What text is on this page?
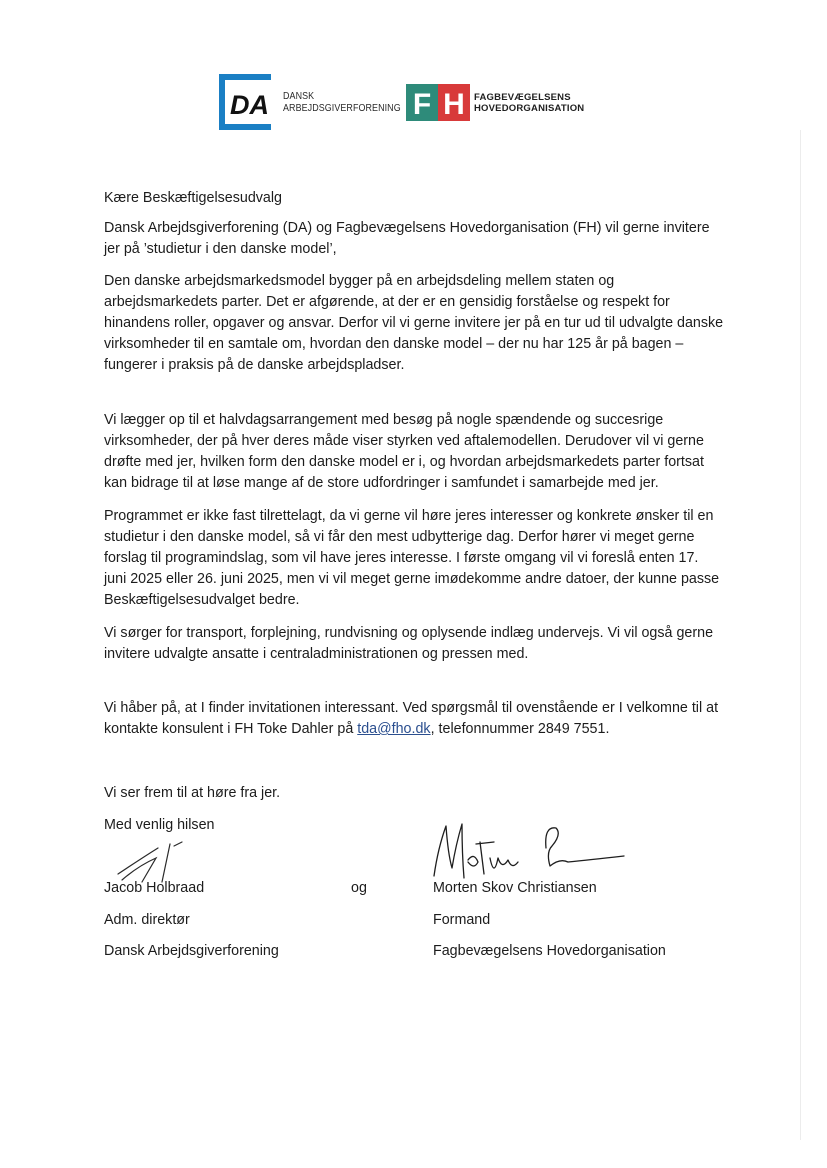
DA DANSK
ARBEJDSGIVERFORENING F H FAGBEVÆGELSENS
HOVEDORGANISATION
Kære Beskæftigelsesudvalg
Dansk Arbejdsgiverforening (DA) og Fagbevægelsens Hovedorganisation (FH) vil gerne invitere jer på ’studietur i den danske model’,
Den danske arbejdsmarkedsmodel bygger på en arbejdsdeling mellem staten og arbejdsmarkedets parter. Det er afgørende, at der er en gensidig forståelse og respekt for hinandens roller, opgaver og ansvar. Derfor vil vi gerne invitere jer på en tur ud til udvalgte danske virksomheder til en samtale om, hvordan den danske model – der nu har 125 år på bagen – fungerer i praksis på de danske arbejdspladser.
Vi lægger op til et halvdagsarrangement med besøg på nogle spændende og succesrige virksomheder, der på hver deres måde viser styrken ved aftalemodellen. Derudover vil vi gerne drøfte med jer, hvilken form den danske model er i, og hvordan arbejdsmarkedets parter fortsat kan bidrage til at løse mange af de store udfordringer i samfundet i samarbejde med jer.
Programmet er ikke fast tilrettelagt, da vi gerne vil høre jeres interesser og konkrete ønsker til en studietur i den danske model, så vi får den mest udbytterige dag. Derfor hører vi meget gerne forslag til programindslag, som vil have jeres interesse. I første omgang vil vi foreslå enten 17. juni 2025 eller 26. juni 2025, men vi vil meget gerne imødekomme andre datoer, der kunne passe Beskæftigelsesudvalget bedre.
Vi sørger for transport, forplejning, rundvisning og oplysende indlæg undervejs. Vi vil også gerne invitere udvalgte ansatte i centraladministrationen og pressen med.
Vi håber på, at I finder invitationen interessant. Ved spørgsmål til ovenstående er I velkomne til at kontakte konsulent i FH Toke Dahler på tda@fho.dk, telefonnummer 2849 7551.
Vi ser frem til at høre fra jer.
Med venlig hilsen
Jacob Holbraad
Adm. direktør
Dansk Arbejdsgiverforening
og	Morten Skov Christiansen
Formand
Fagbevægelsens Hovedorganisation
